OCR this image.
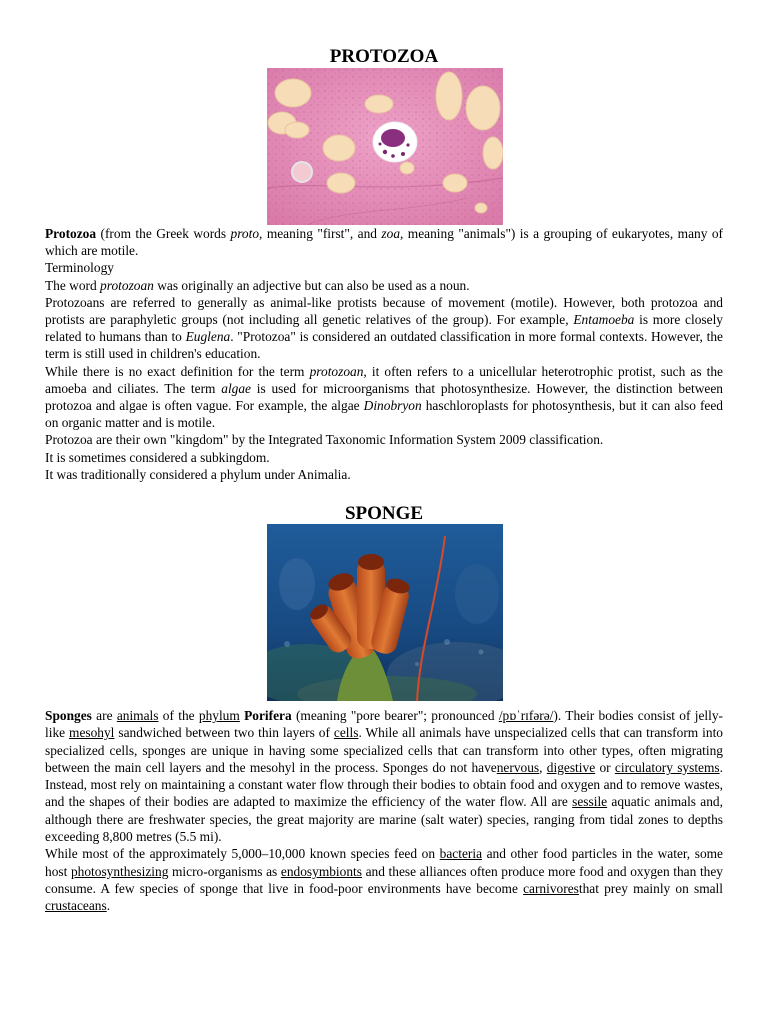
PROTOZOA

Protozoa (from the Greek words proto, meaning "first", and zoa, meaning "animals") is a grouping of eukaryotes, many of which are motile.

Terminology

The word protozoan was originally an adjective but can also be used as a noun.

Protozoans are referred to generally as animal-like protists because of movement (motile). However, both protozoa and protists are paraphyletic groups (not including all genetic relatives of the group). For example, Entamoeba is more closely related to humans than to Euglena. "Protozoa" is considered an outdated classification in more formal contexts. However, the term is still used in children's education.

While there is no exact definition for the term protozoan, it often refers to a unicellular heterotrophic protist, such as the amoeba and ciliates. The term algae is used for microorganisms that photosynthesize. However, the distinction between protozoa and algae is often vague. For example, the algae Dinobryon haschloroplasts for photosynthesis, but it can also feed on organic matter and is motile.

Protozoa are their own "kingdom" by the Integrated Taxonomic Information System 2009 classification.

It is sometimes considered a subkingdom.

It was traditionally considered a phylum under Animalia.

SPONGE

Sponges are animals of the phylum Porifera (meaning "pore bearer"; pronounced /pɒˈrɪfərə/). Their bodies consist of jelly-like mesohyl sandwiched between two thin layers of cells. While all animals have unspecialized cells that can transform into specialized cells, sponges are unique in having some specialized cells that can transform into other types, often migrating between the main cell layers and the mesohyl in the process. Sponges do not havenervous, digestive or circulatory systems. Instead, most rely on maintaining a constant water flow through their bodies to obtain food and oxygen and to remove wastes, and the shapes of their bodies are adapted to maximize the efficiency of the water flow. All are sessile aquatic animals and, although there are freshwater species, the great majority are marine (salt water) species, ranging from tidal zones to depths exceeding 8,800 metres (5.5 mi).

While most of the approximately 5,000–10,000 known species feed on bacteria and other food particles in the water, some host photosynthesizing micro-organisms as endosymbionts and these alliances often produce more food and oxygen than they consume. A few species of sponge that live in food-poor environments have become carnivoresthat prey mainly on small crustaceans.
